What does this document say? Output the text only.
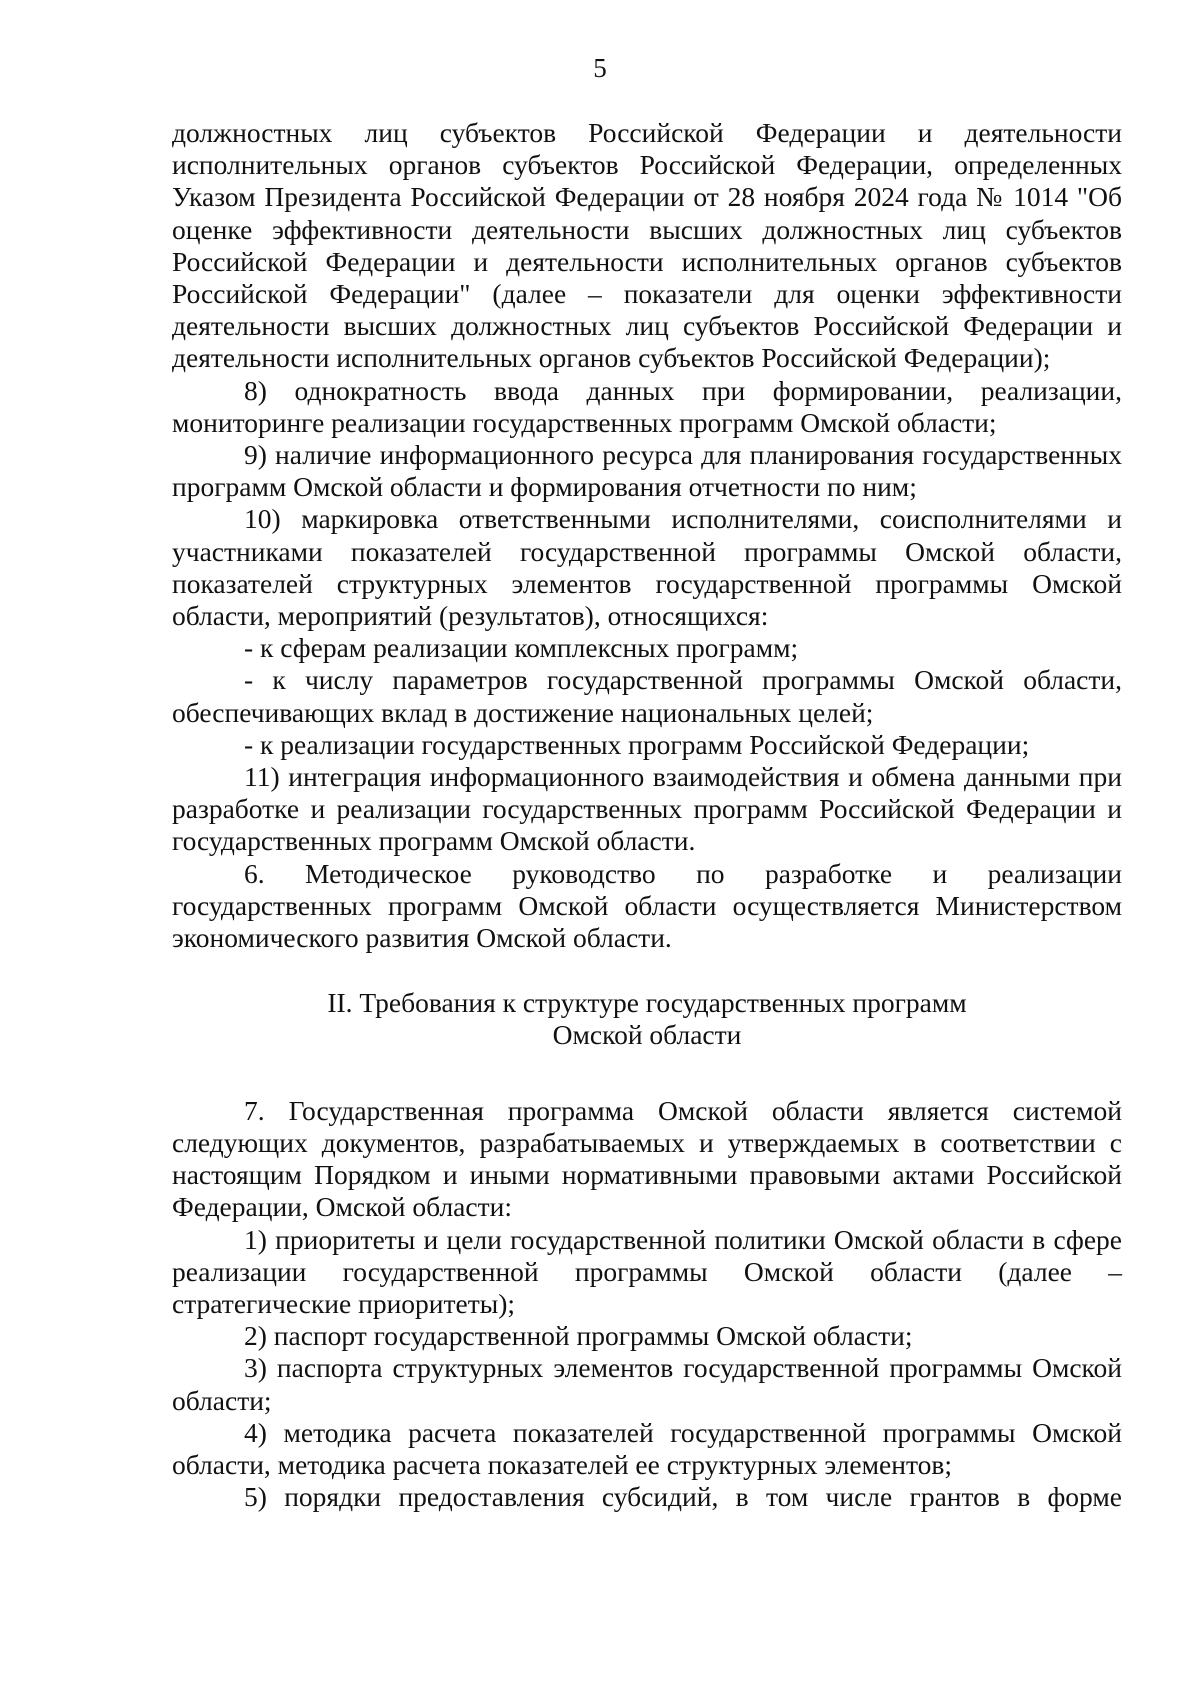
5

должностных лиц субъектов Российской Федерации и деятельности исполнительных органов субъектов Российской Федерации, определенных Указом Президента Российской Федерации от 28 ноября 2024 года № 1014 "Об оценке эффективности деятельности высших должностных лиц субъектов Российской Федерации и деятельности исполнительных органов субъектов Российской Федерации" (далее – показатели для оценки эффективности деятельности высших должностных лиц субъектов Российской Федерации и деятельности исполнительных органов субъектов Российской Федерации);

8) однократность ввода данных при формировании, реализации, мониторинге реализации государственных программ Омской области;

9) наличие информационного ресурса для планирования государственных программ Омской области и формирования отчетности по ним;

10) маркировка ответственными исполнителями, соисполнителями и участниками показателей государственной программы Омской области, показателей структурных элементов государственной программы Омской области, мероприятий (результатов), относящихся:

- к сферам реализации комплексных программ;

- к числу параметров государственной программы Омской области, обеспечивающих вклад в достижение национальных целей;

- к реализации государственных программ Российской Федерации;

11) интеграция информационного взаимодействия и обмена данными при разработке и реализации государственных программ Российской Федерации и государственных программ Омской области.

6. Методическое руководство по разработке и реализации государственных программ Омской области осуществляется Министерством экономического развития Омской области.

II. Требования к структуре государственных программ

Омской области

7. Государственная программа Омской области является системой следующих документов, разрабатываемых и утверждаемых в соответствии с настоящим Порядком и иными нормативными правовыми актами Российской Федерации, Омской области:

1) приоритеты и цели государственной политики Омской области в сфере реализации государственной программы Омской области (далее – стратегические приоритеты);

2) паспорт государственной программы Омской области;

3) паспорта структурных элементов государственной программы Омской области;

4) методика расчета показателей государственной программы Омской области, методика расчета показателей ее структурных элементов;

5) порядки предоставления субсидий, в том числе грантов в форме
